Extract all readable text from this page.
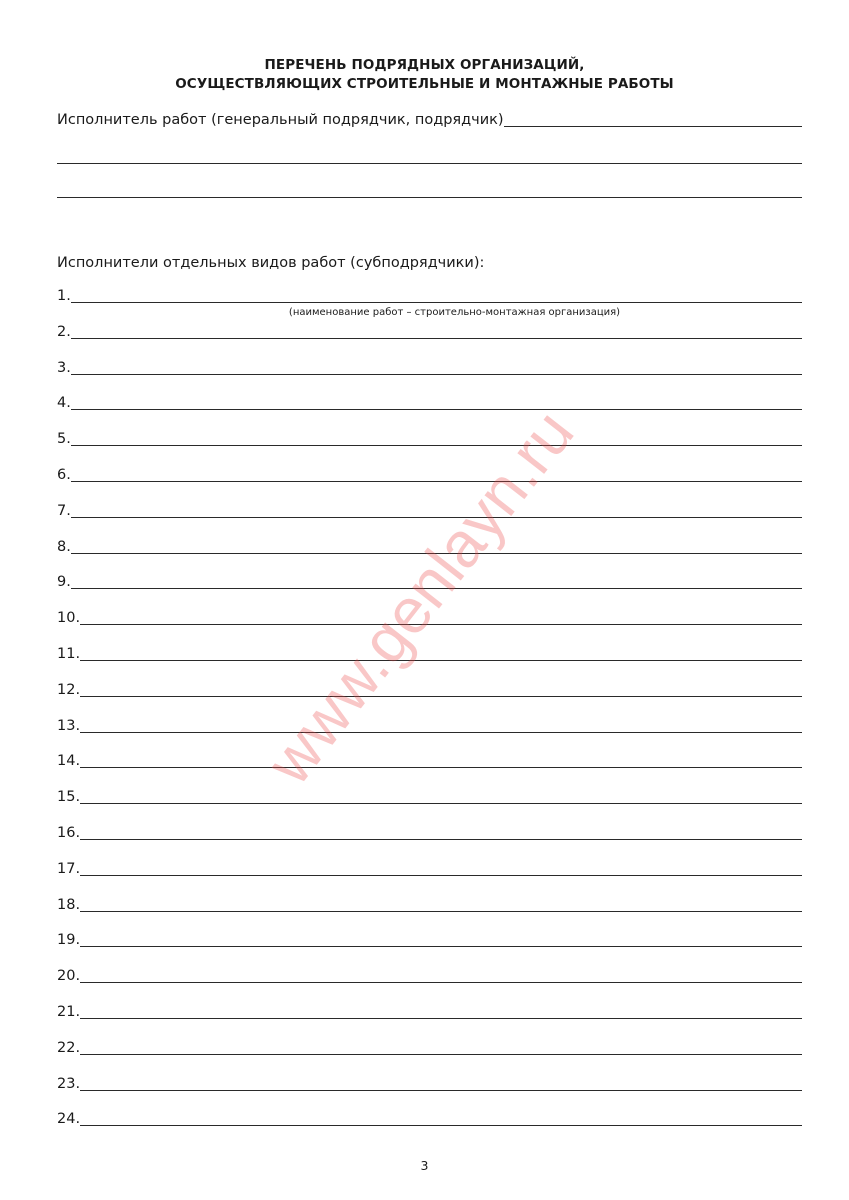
ПЕРЕЧЕНЬ ПОДРЯДНЫХ ОРГАНИЗАЦИЙ,
ОСУЩЕСТВЛЯЮЩИХ СТРОИТЕЛЬНЫЕ И МОНТАЖНЫЕ РАБОТЫ
Исполнитель работ (генеральный подрядчик, подрядчик)
Исполнители отдельных видов работ (субподрядчики):
1.
2.
3.
4.
5.
6.
7.
8.
9.
10.
11.
12.
13.
14.
15.
16.
17.
18.
19.
20.
21.
22.
23.
24.
(наименование работ – строительно-монтажная организация)
3
www.genlayn.ru
